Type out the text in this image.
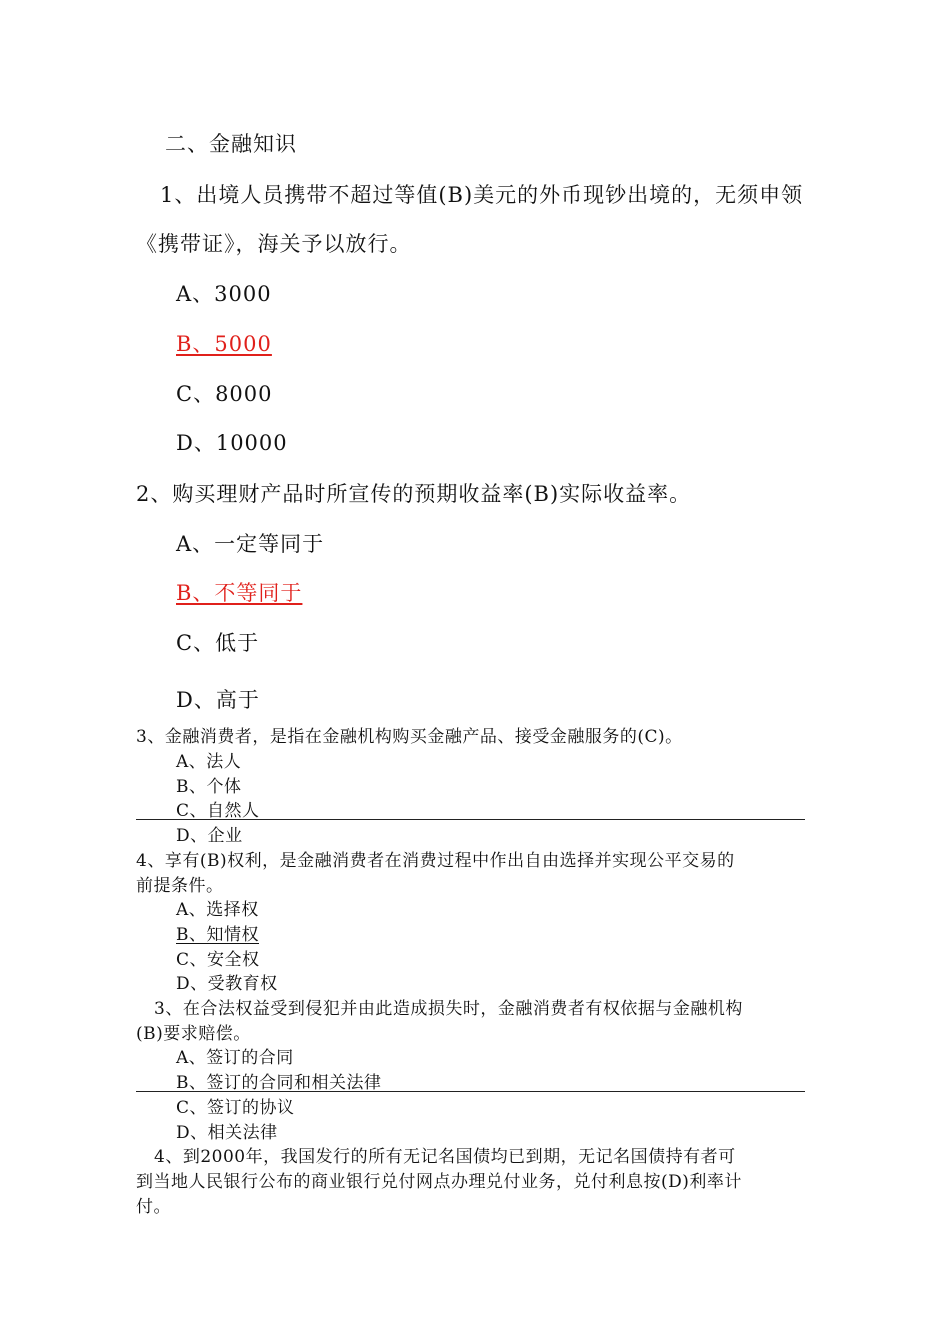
二、金融知识
1、出境人员携带不超过等值(B)美元的外币现钞出境的，无须申领
《携带证》，海关予以放行。
A、3000
B、5000
C、8000
D、10000
2、购买理财产品时所宣传的预期收益率(B)实际收益率。
A、一定等同于
B、不等同于
C、低于
D、高于
3、金融消费者，是指在金融机构购买金融产品、接受金融服务的(C)。
A、法人
B、个体
C、自然人
D、企业
4、享有(B)权利，是金融消费者在消费过程中作出自由选择并实现公平交易的
前提条件。
A、选择权
B、知情权
C、安全权
D、受教育权
3、在合法权益受到侵犯并由此造成损失时，金融消费者有权依据与金融机构
(B)要求赔偿。
A、签订的合同
B、签订的合同和相关法律
C、签订的协议
D、相关法律
4、到2000年，我国发行的所有无记名国债均已到期，无记名国债持有者可
到当地人民银行公布的商业银行兑付网点办理兑付业务，兑付利息按(D)利率计
付。
